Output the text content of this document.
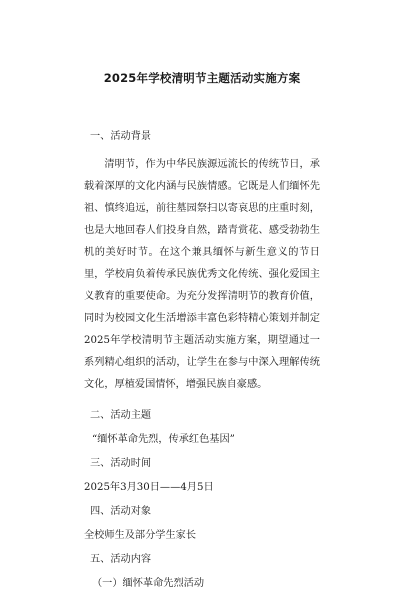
2025年学校清明节主题活动实施方案

一、活动背景

清明节，作为中华民族源远流长的传统节日，承载着深厚的文化内涵与民族情感。它既是人们缅怀先祖、慎终追远，前往墓园祭扫以寄哀思的庄重时刻，也是大地回春人们投身自然，踏青赏花、感受勃勃生机的美好时节。在这个兼具缅怀与新生意义的节日里，学校肩负着传承民族优秀文化传统、强化爱国主义教育的重要使命。为充分发挥清明节的教育价值，同时为校园文化生活增添丰富色彩特精心策划并制定2025年学校清明节主题活动实施方案，期望通过一系列精心组织的活动，让学生在参与中深入理解传统文化，厚植爱国情怀，增强民族自豪感。

二、活动主题

“缅怀革命先烈，传承红色基因”

三、活动时间

2025年3月30日——4月5日

四、活动对象

全校师生及部分学生家长

五、活动内容

（一）缅怀革命先烈活动
